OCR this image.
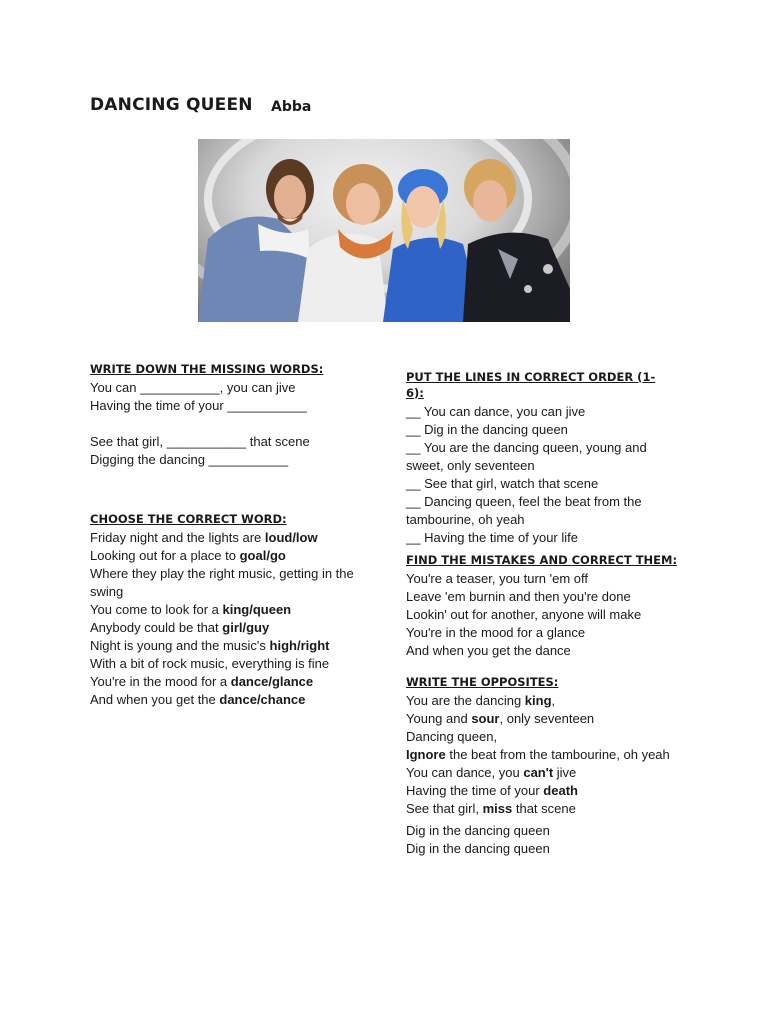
DANCING QUEEN Abba
WRITE DOWN THE MISSING WORDS:
You can ___________, you can jive
Having the time of your ___________
See that girl, ___________ that scene
Digging the dancing ___________
CHOOSE THE CORRECT WORD:
Friday night and the lights are loud/low
Looking out for a place to goal/go
Where they play the right music, getting in the swing
You come to look for a king/queen
Anybody could be that girl/guy
Night is young and the music's high/right
With a bit of rock music, everything is fine
You're in the mood for a dance/glance
And when you get the dance/chance
PUT THE LINES IN CORRECT ORDER (1-6):
__ You can dance, you can jive
__ Dig in the dancing queen
__ You are the dancing queen, young and sweet, only seventeen
__ See that girl, watch that scene
__ Dancing queen, feel the beat from the tambourine, oh yeah
__ Having the time of your life
FIND THE MISTAKES AND CORRECT THEM:
You're a teaser, you turn 'em off
Leave 'em burnin and then you're done
Lookin' out for another, anyone will make
You're in the mood for a glance
And when you get the dance
WRITE THE OPPOSITES:
You are the dancing king,
Young and sour, only seventeen
Dancing queen,
Ignore the beat from the tambourine, oh yeah
You can dance, you can't jive
Having the time of your death
See that girl, miss that scene
Dig in the dancing queen
Dig in the dancing queen
